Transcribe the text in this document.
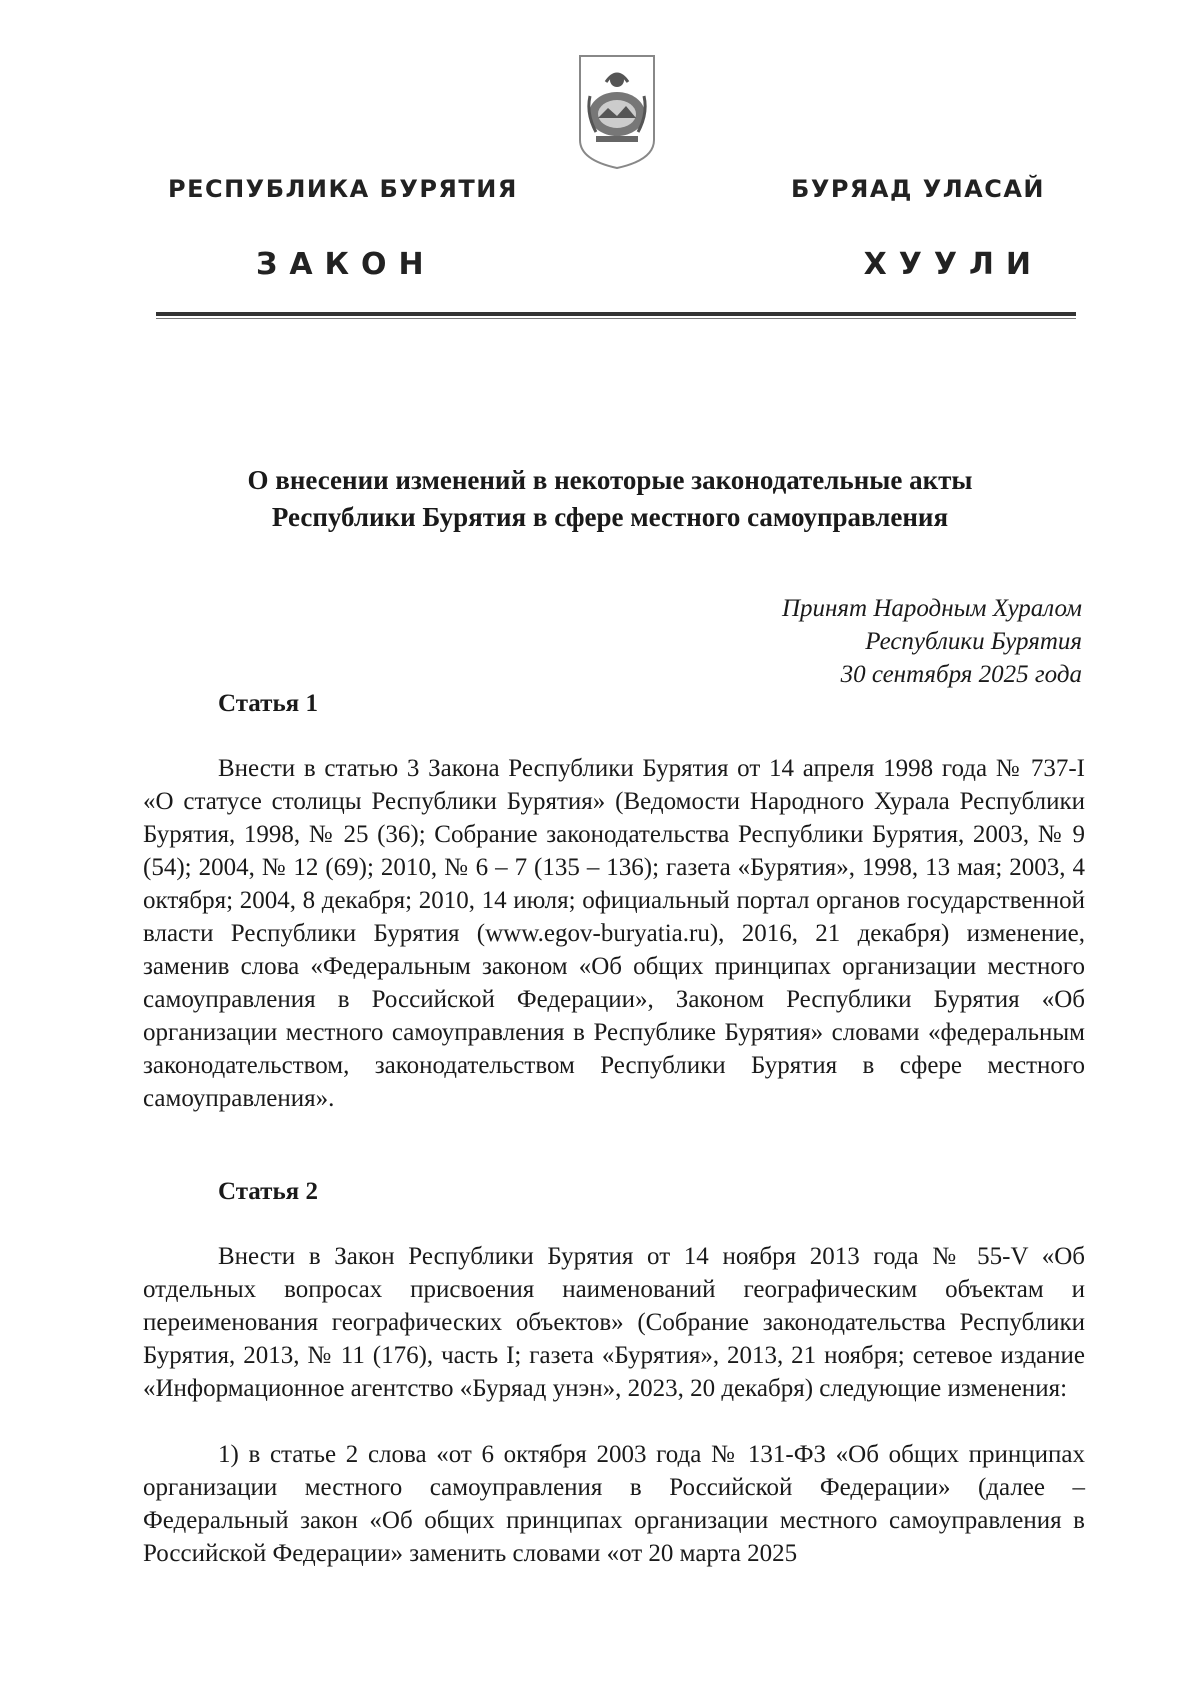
РЕСПУБЛИКА БУРЯТИЯ	БУРЯАД УЛАСАЙ
ЗАКОН	ХУУЛИ
О внесении изменений в некоторые законодательные акты
Республики Бурятия в сфере местного самоуправления
Принят Народным Хуралом
Республики Бурятия
30 сентября 2025 года
Статья 1
Внести в статью 3 Закона Республики Бурятия от 14 апреля 1998 года № 737-I «О статусе столицы Республики Бурятия» (Ведомости Народного Хурала Республики Бурятия, 1998, № 25 (36); Собрание законодательства Республики Бурятия, 2003, № 9 (54); 2004, № 12 (69); 2010, № 6 – 7 (135 – 136); газета «Бурятия», 1998, 13 мая; 2003, 4 октября; 2004, 8 декабря; 2010, 14 июля; официальный портал органов государственной власти Республики Бурятия (www.egov-buryatia.ru), 2016, 21 декабря) изменение, заменив слова «Федеральным законом «Об общих принципах организации местного самоуправления в Российской Федерации», Законом Республики Бурятия «Об организации местного самоуправления в Республике Бурятия» словами «федеральным законодательством, законодательством Республики Бурятия в сфере местного самоуправления».
Статья 2
Внести в Закон Республики Бурятия от 14 ноября 2013 года № 55-V «Об отдельных вопросах присвоения наименований географическим объектам и переименования географических объектов» (Собрание законодательства Республики Бурятия, 2013, № 11 (176), часть I; газета «Бурятия», 2013, 21 ноября; сетевое издание «Информационное агентство «Буряад унэн», 2023, 20 декабря) следующие изменения:
1) в статье 2 слова «от 6 октября 2003 года № 131-ФЗ «Об общих принципах организации местного самоуправления в Российской Федерации» (далее – Федеральный закон «Об общих принципах организации местного самоуправления в Российской Федерации» заменить словами «от 20 марта 2025
